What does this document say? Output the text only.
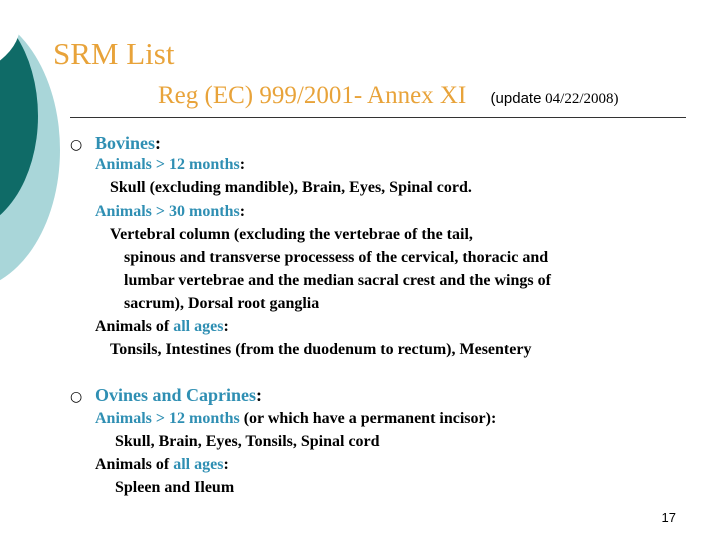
SRM List
Reg (EC) 999/2001- Annex XI (update 04/22/2008)
○ Bovines:
Animals > 12 months:
Skull (excluding mandible), Brain, Eyes, Spinal cord.
Animals > 30 months:
Vertebral column (excluding the vertebrae of the tail,
spinous and transverse processess of the cervical, thoracic and
lumbar vertebrae and the median sacral crest and the wings of
sacrum), Dorsal root ganglia
Animals of all ages:
Tonsils, Intestines (from the duodenum to rectum), Mesentery
○ Ovines and Caprines:
Animals > 12 months (or which have a permanent incisor):
Skull, Brain, Eyes, Tonsils, Spinal cord
Animals of all ages:
Spleen and Ileum
17
